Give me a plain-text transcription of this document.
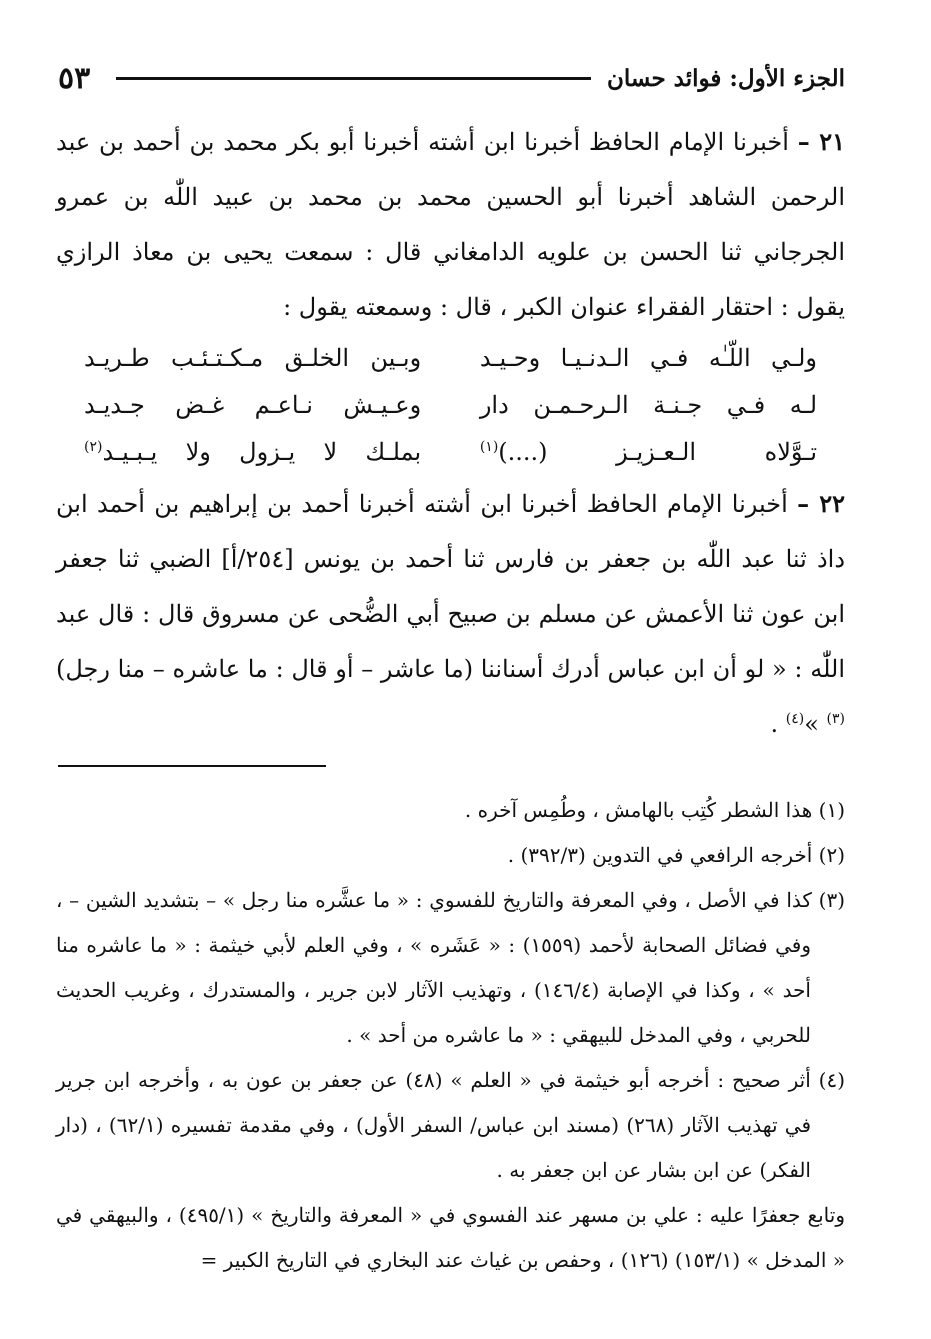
الجزء الأول: فوائد حسان
٥٣

٢١ – أخبرنا الإمام الحافظ أخبرنا ابن أشته أخبرنا أبو بكر محمد بن أحمد بن عبد الرحمن الشاهد أخبرنا أبو الحسين محمد بن محمد بن عبيد اللّٰه بن عمرو الجرجاني ثنا الحسن بن علويه الدامغاني قال : سمعت يحيى بن معاذ الرازي يقول : احتقار الفقراء عنوان الكبر ، قال : وسمعته يقول :

ولـي اللّـٰه فـي الـدنـيـا وحـيـد
وبـين الخلـق مـكـتـئـب طـريـد
لـه فـي جـنـة الـرحـمـن دار
وعـيـش نـاعـم غـض جـديـد
تـوَّلاه الـعـزيـز (....)$^{(١)}$
بملـك لا يـزول ولا يـبـيـد$^{(٢)}$

٢٢ – أخبرنا الإمام الحافظ أخبرنا ابن أشته أخبرنا أحمد بن إبراهيم بن أحمد ابن داذ ثنا عبد اللّٰه بن جعفر بن فارس ثنا أحمد بن يونس [٢٥٤/أ] الضبي ثنا جعفر ابن عون ثنا الأعمش عن مسلم بن صبيح أبي الضُّحى عن مسروق قال : قال عبد اللّٰه : « لو أن ابن عباس أدرك أسناننا (ما عاشر – أو قال : ما عاشره – منا رجل)$^{(٣)}$ »$^{(٤)}$ .

(١) هذا الشطر كُتِب بالهامش ، وطُمِس آخره .

(٢) أخرجه الرافعي في التدوين (٣٩٢/٣) .

(٣) كذا في الأصل ، وفي المعرفة والتاريخ للفسوي : « ما عشَّره منا رجل » – بتشديد الشين – ، وفي فضائل الصحابة لأحمد (١٥٥٩) : « عَشَره » ، وفي العلم لأبي خيثمة : « ما عاشره منا أحد » ، وكذا في الإصابة (١٤٦/٤) ، وتهذيب الآثار لابن جرير ، والمستدرك ، وغريب الحديث للحربي ، وفي المدخل للبيهقي : « ما عاشره من أحد » .

(٤) أثر صحيح : أخرجه أبو خيثمة في « العلم » (٤٨) عن جعفر بن عون به ، وأخرجه ابن جرير في تهذيب الآثار (٢٦٨) (مسند ابن عباس/ السفر الأول) ، وفي مقدمة تفسيره (٦٢/١) ، (دار الفكر) عن ابن بشار عن ابن جعفر به .

وتابع جعفرًا عليه : علي بن مسهر عند الفسوي في « المعرفة والتاريخ » (٤٩٥/١) ، والبيهقي في « المدخل » (١٥٣/١) (١٢٦) ، وحفص بن غياث عند البخاري في التاريخ الكبير =
